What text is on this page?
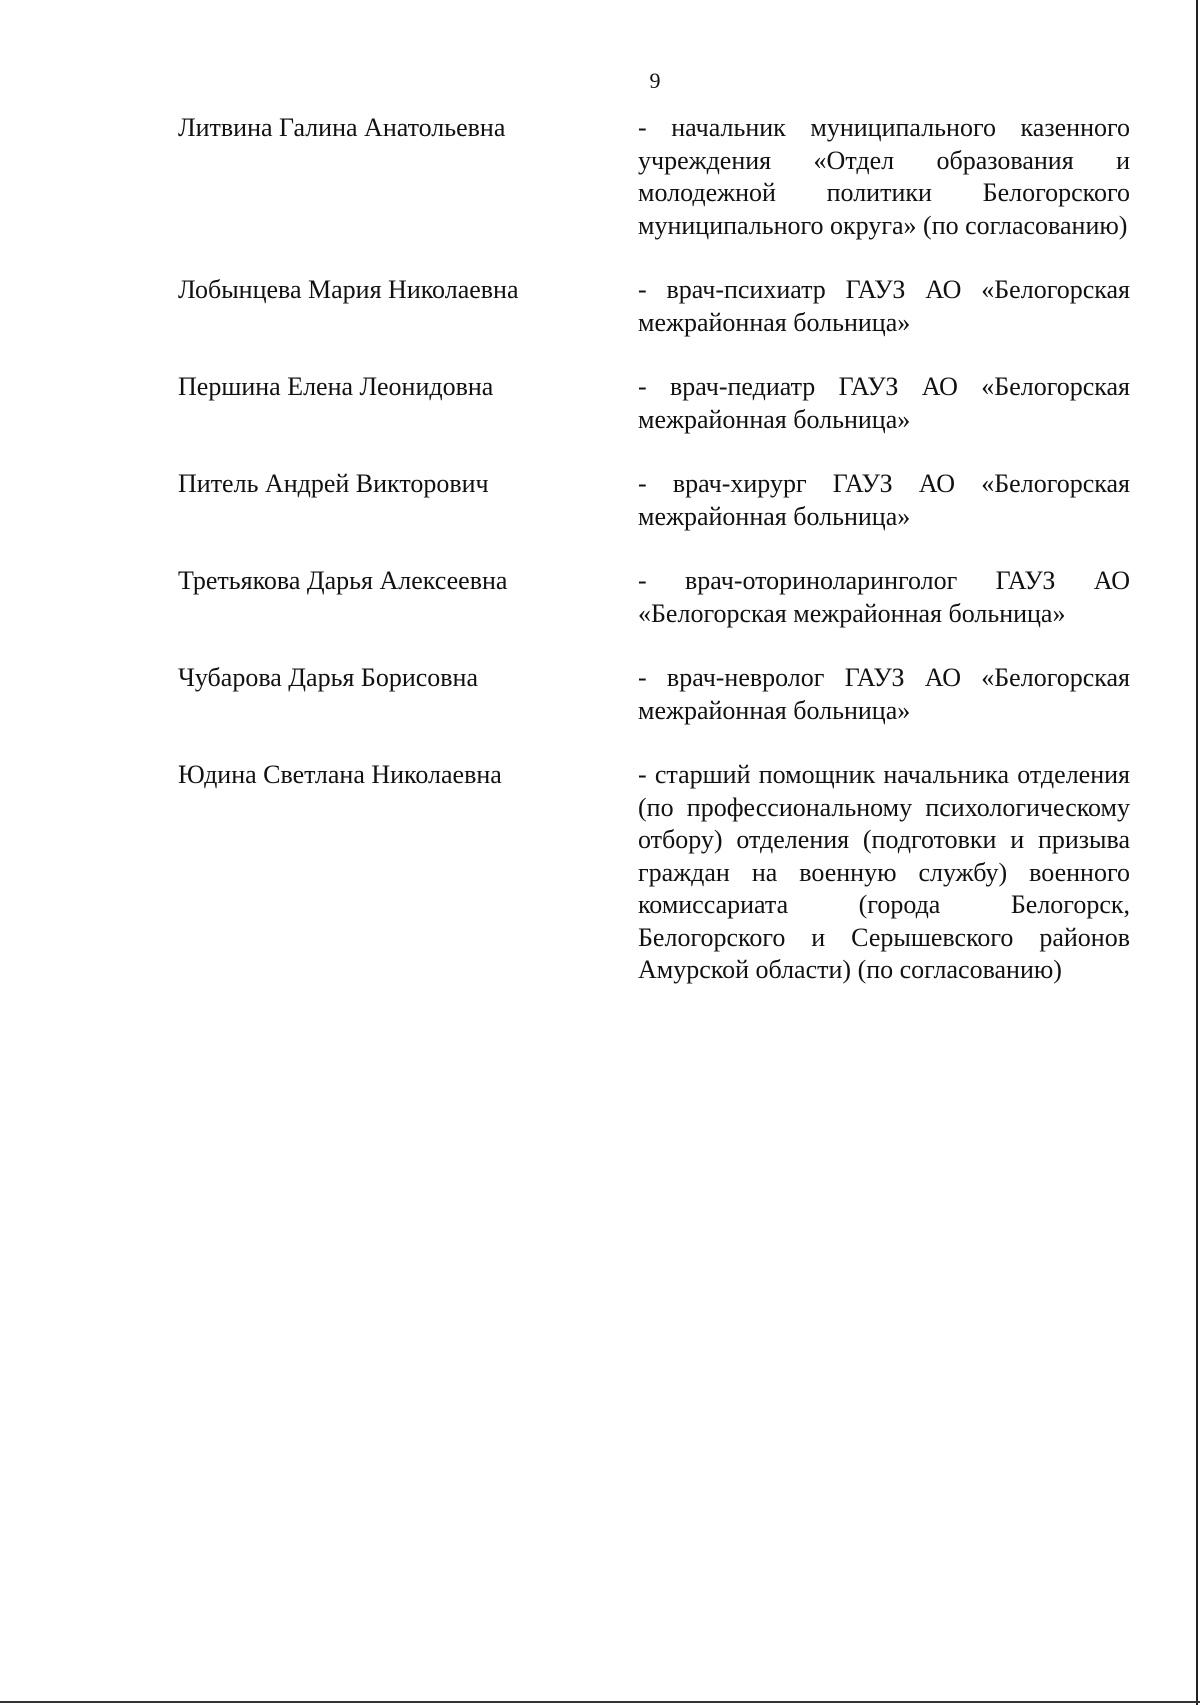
9
Литвина Галина Анатольевна	- начальник муниципального казенного учреждения «Отдел образования и молодежной политики Белогорского муниципального округа» (по согласованию)
Лобынцева Мария Николаевна	- врач-психиатр ГАУЗ АО «Белогорская межрайонная больница»
Першина Елена Леонидовна	- врач-педиатр ГАУЗ АО «Белогорская межрайонная больница»
Питель Андрей Викторович	- врач-хирург ГАУЗ АО «Белогорская межрайонная больница»
Третьякова Дарья Алексеевна	- врач-оториноларинголог ГАУЗ АО «Белогорская межрайонная больница»
Чубарова Дарья Борисовна	- врач-невролог ГАУЗ АО «Белогорская межрайонная больница»
Юдина Светлана Николаевна	- старший помощник начальника отделения (по профессиональному психологическому отбору) отделения (подготовки и призыва граждан на военную службу) военного комиссариата (города Белогорск, Белогорского и Серышевского районов Амурской области) (по согласованию)
